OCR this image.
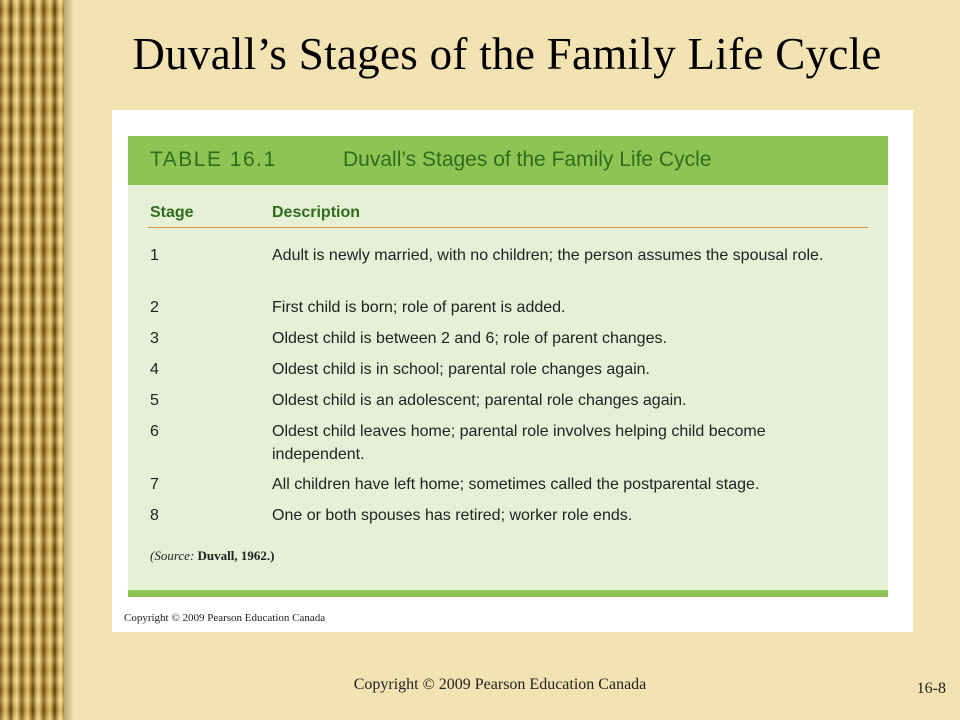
Duvall’s Stages of the Family Life Cycle
TABLE 16.1	Duvall’s Stages of the Family Life Cycle
Stage	Description
1	Adult is newly married, with no children; the person assumes the spousal role.
2	First child is born; role of parent is added.
3	Oldest child is between 2 and 6; role of parent changes.
4	Oldest child is in school; parental role changes again.
5	Oldest child is an adolescent; parental role changes again.
6	Oldest child leaves home; parental role involves helping child become independent.
7	All children have left home; sometimes called the postparental stage.
8	One or both spouses has retired; worker role ends.
(Source: Duvall, 1962.)
Copyright © 2009 Pearson Education Canada
Copyright © 2009 Pearson Education Canada	16-8
